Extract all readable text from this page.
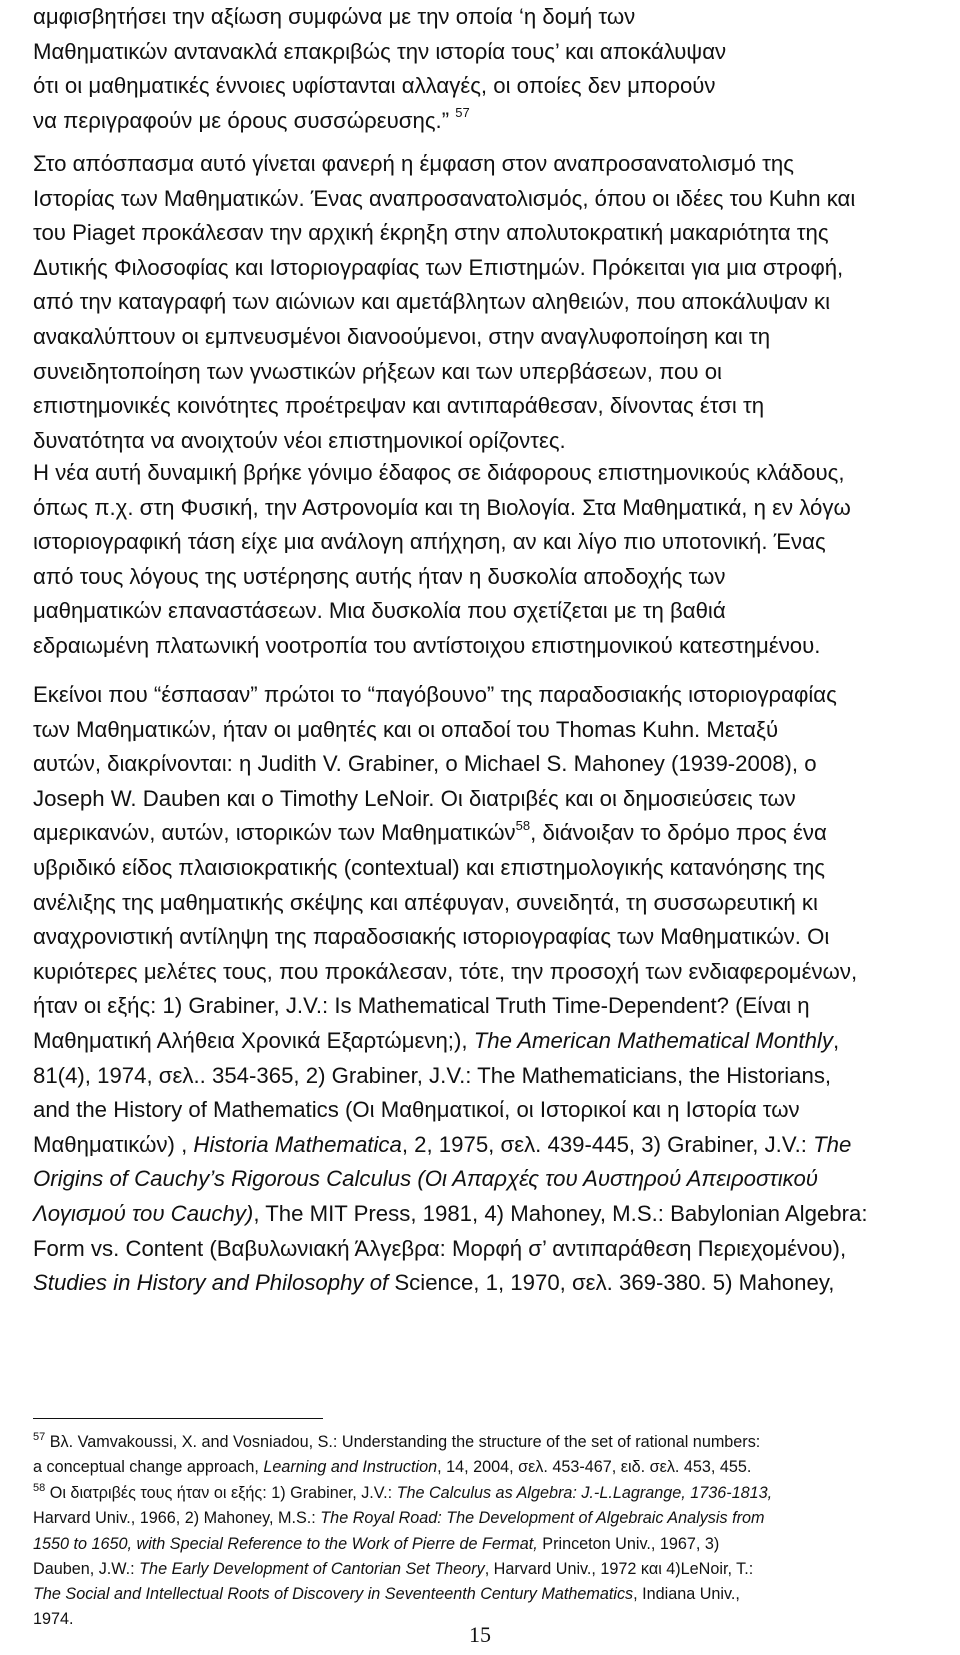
αμφισβητήσει την αξίωση συμφώνα με την οποία ‘η δομή των
Μαθηματικών αντανακλά επακριβώς την ιστορία τους’ και αποκάλυψαν
ότι οι μαθηματικές έννοιες υφίστανται αλλαγές, οι οποίες δεν μπορούν
να περιγραφούν με όρους συσσώρευσης.” $^{57}$
Στο απόσπασμα αυτό γίνεται φανερή η έμφαση στον αναπροσανατολισμό της
Ιστορίας των Μαθηματικών. Ένας αναπροσανατολισμός, όπου οι ιδέες του Kuhn και
του Piaget προκάλεσαν την αρχική έκρηξη στην απολυτοκρατική μακαριότητα της
Δυτικής Φιλοσοφίας και Ιστοριογραφίας των Επιστημών. Πρόκειται για μια στροφή,
από την καταγραφή των αιώνιων και αμετάβλητων αληθειών, που αποκάλυψαν κι
ανακαλύπτουν οι εμπνευσμένοι διανοούμενοι, στην αναγλυφοποίηση και τη
συνειδητοποίηση των γνωστικών ρήξεων και των υπερβάσεων, που οι
επιστημονικές κοινότητες προέτρεψαν και αντιπαράθεσαν, δίνοντας έτσι τη
δυνατότητα να ανοιχτούν νέοι επιστημονικοί ορίζοντες.
Η νέα αυτή δυναμική βρήκε γόνιμο έδαφος σε διάφορους επιστημονικούς κλάδους,
όπως π.χ. στη Φυσική, την Αστρονομία και τη Βιολογία. Στα Μαθηματικά, η εν λόγω
ιστοριογραφική τάση είχε μια ανάλογη απήχηση, αν και λίγο πιο υποτονική. Ένας
από τους λόγους της υστέρησης αυτής ήταν η δυσκολία αποδοχής των
μαθηματικών επαναστάσεων. Μια δυσκολία που σχετίζεται με τη βαθιά
εδραιωμένη πλατωνική νοοτροπία του αντίστοιχου επιστημονικού κατεστημένου.
Εκείνοι που “έσπασαν” πρώτοι το “παγόβουνο” της παραδοσιακής ιστοριογραφίας
των Μαθηματικών, ήταν οι μαθητές και οι οπαδοί του Thomas Kuhn. Μεταξύ
αυτών, διακρίνονται: η Judith V. Grabiner, ο Michael S. Mahoney (1939-2008), ο
Joseph W. Dauben και ο Timothy LeNoir. Οι διατριβές και οι δημοσιεύσεις των
αμερικανών, αυτών, ιστορικών των Μαθηματικών$^{58}$, διάνοιξαν το δρόμο προς ένα
υβριδικό είδος πλαισιοκρατικής (contextual) και επιστημολογικής κατανόησης της
ανέλιξης της μαθηματικής σκέψης και απέφυγαν, συνειδητά, τη συσσωρευτική κι
αναχρονιστική αντίληψη της παραδοσιακής ιστοριογραφίας των Μαθηματικών. Οι
κυριότερες μελέτες τους, που προκάλεσαν, τότε, την προσοχή των ενδιαφερομένων,
ήταν οι εξής: 1) Grabiner, J.V.: Is Mathematical Truth Time-Dependent? (Είναι η
Μαθηματική Αλήθεια Χρονικά Εξαρτώμενη;), The American Mathematical Monthly,
81(4), 1974, σελ.. 354-365, 2) Grabiner, J.V.: The Mathematicians, the Historians,
and the History of Mathematics (Οι Μαθηματικοί, οι Ιστορικοί και η Ιστορία των
Μαθηματικών) , Historia Mathematica, 2, 1975, σελ. 439-445, 3) Grabiner, J.V.: The
Origins of Cauchy’s Rigorous Calculus (Οι Απαρχές του Αυστηρού Απειροστικού
Λογισμού του Cauchy), The MIT Press, 1981, 4) Mahoney, M.S.: Babylonian Algebra:
Form vs. Content (Βαβυλωνιακή Άλγεβρα: Μορφή σ’ αντιπαράθεση Περιεχομένου),
Studies in History and Philosophy of Science, 1, 1970, σελ. 369-380. 5) Mahoney,
$^{57}$ Βλ. Vamvakoussi, X. and Vosniadou, S.: Understanding the structure of the set of rational numbers:
a conceptual change approach, Learning and Instruction, 14, 2004, σελ. 453-467, ειδ. σελ. 453, 455.
$^{58}$ Οι διατριβές τους ήταν οι εξής: 1) Grabiner, J.V.: The Calculus as Algebra: J.-L.Lagrange, 1736-1813,
Harvard Univ., 1966, 2) Mahoney, M.S.: The Royal Road: The Development of Algebraic Analysis from
1550 to 1650, with Special Reference to the Work of Pierre de Fermat, Princeton Univ., 1967, 3)
Dauben, J.W.: The Early Development of Cantorian Set Theory, Harvard Univ., 1972 και 4)LeNoir, T.:
The Social and Intellectual Roots of Discovery in Seventeenth Century Mathematics, Indiana Univ.,
1974.
15
